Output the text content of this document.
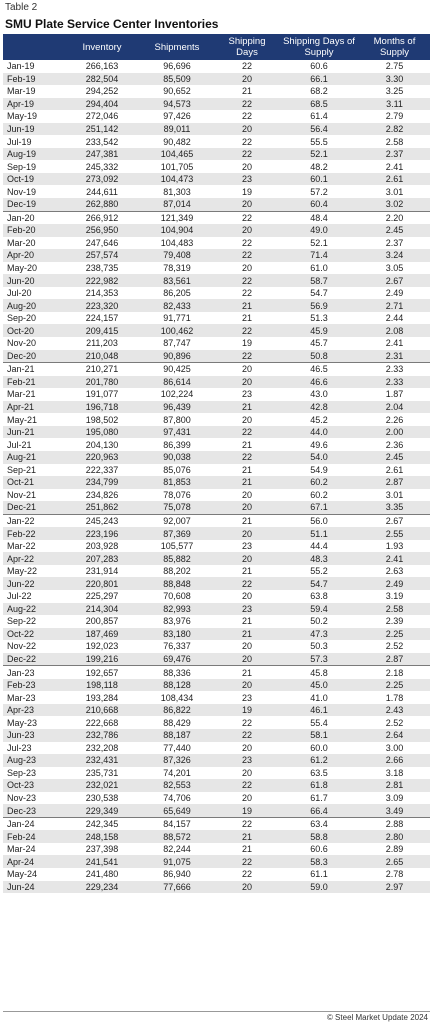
Table 2
SMU Plate Service Center Inventories
	Inventory	Shipments	Shipping Days	Shipping Days of Supply	Months of Supply
Jan-19	266,163	96,696	22	60.6	2.75
Feb-19	282,504	85,509	20	66.1	3.30
Mar-19	294,252	90,652	21	68.2	3.25
Apr-19	294,404	94,573	22	68.5	3.11
May-19	272,046	97,426	22	61.4	2.79
Jun-19	251,142	89,011	20	56.4	2.82
Jul-19	233,542	90,482	22	55.5	2.58
Aug-19	247,381	104,465	22	52.1	2.37
Sep-19	245,332	101,705	20	48.2	2.41
Oct-19	273,092	104,473	23	60.1	2.61
Nov-19	244,611	81,303	19	57.2	3.01
Dec-19	262,880	87,014	20	60.4	3.02
Jan-20	266,912	121,349	22	48.4	2.20
Feb-20	256,950	104,904	20	49.0	2.45
Mar-20	247,646	104,483	22	52.1	2.37
Apr-20	257,574	79,408	22	71.4	3.24
May-20	238,735	78,319	20	61.0	3.05
Jun-20	222,982	83,561	22	58.7	2.67
Jul-20	214,353	86,205	22	54.7	2.49
Aug-20	223,320	82,433	21	56.9	2.71
Sep-20	224,157	91,771	21	51.3	2.44
Oct-20	209,415	100,462	22	45.9	2.08
Nov-20	211,203	87,747	19	45.7	2.41
Dec-20	210,048	90,896	22	50.8	2.31
Jan-21	210,271	90,425	20	46.5	2.33
Feb-21	201,780	86,614	20	46.6	2.33
Mar-21	191,077	102,224	23	43.0	1.87
Apr-21	196,718	96,439	21	42.8	2.04
May-21	198,502	87,800	20	45.2	2.26
Jun-21	195,080	97,431	22	44.0	2.00
Jul-21	204,130	86,399	21	49.6	2.36
Aug-21	220,963	90,038	22	54.0	2.45
Sep-21	222,337	85,076	21	54.9	2.61
Oct-21	234,799	81,853	21	60.2	2.87
Nov-21	234,826	78,076	20	60.2	3.01
Dec-21	251,862	75,078	20	67.1	3.35
Jan-22	245,243	92,007	21	56.0	2.67
Feb-22	223,196	87,369	20	51.1	2.55
Mar-22	203,928	105,577	23	44.4	1.93
Apr-22	207,283	85,882	20	48.3	2.41
May-22	231,914	88,202	21	55.2	2.63
Jun-22	220,801	88,848	22	54.7	2.49
Jul-22	225,297	70,608	20	63.8	3.19
Aug-22	214,304	82,993	23	59.4	2.58
Sep-22	200,857	83,976	21	50.2	2.39
Oct-22	187,469	83,180	21	47.3	2.25
Nov-22	192,023	76,337	20	50.3	2.52
Dec-22	199,216	69,476	20	57.3	2.87
Jan-23	192,657	88,336	21	45.8	2.18
Feb-23	198,118	88,128	20	45.0	2.25
Mar-23	193,284	108,434	23	41.0	1.78
Apr-23	210,668	86,822	19	46.1	2.43
May-23	222,668	88,429	22	55.4	2.52
Jun-23	232,786	88,187	22	58.1	2.64
Jul-23	232,208	77,440	20	60.0	3.00
Aug-23	232,431	87,326	23	61.2	2.66
Sep-23	235,731	74,201	20	63.5	3.18
Oct-23	232,021	82,553	22	61.8	2.81
Nov-23	230,538	74,706	20	61.7	3.09
Dec-23	229,349	65,649	19	66.4	3.49
Jan-24	242,345	84,157	22	63.4	2.88
Feb-24	248,158	88,572	21	58.8	2.80
Mar-24	237,398	82,244	21	60.6	2.89
Apr-24	241,541	91,075	22	58.3	2.65
May-24	241,480	86,940	22	61.1	2.78
Jun-24	229,234	77,666	20	59.0	2.97
© Steel Market Update 2024
